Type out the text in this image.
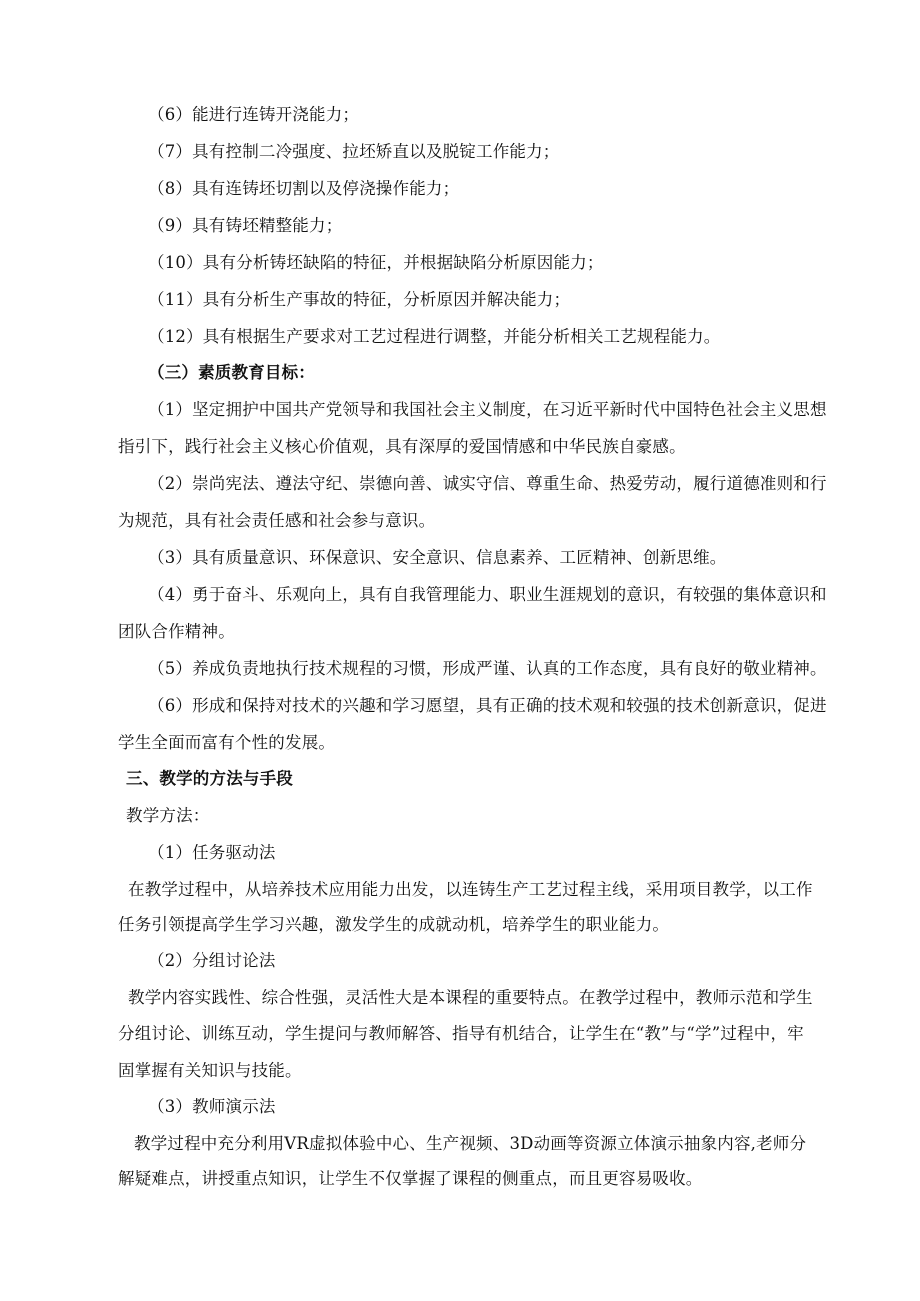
（6）能进行连铸开浇能力；

（7）具有控制二冷强度、拉坯矫直以及脱锭工作能力；

（8）具有连铸坯切割以及停浇操作能力；

（9）具有铸坯精整能力；

（10）具有分析铸坯缺陷的特征，并根据缺陷分析原因能力；

（11）具有分析生产事故的特征，分析原因并解决能力；

（12）具有根据生产要求对工艺过程进行调整，并能分析相关工艺规程能力。

（三）素质教育目标：

（1）坚定拥护中国共产党领导和我国社会主义制度，在习近平新时代中国特色社会主义思想

指引下，践行社会主义核心价值观，具有深厚的爱国情感和中华民族自豪感。

（2）崇尚宪法、遵法守纪、崇德向善、诚实守信、尊重生命、热爱劳动，履行道德准则和行

为规范，具有社会责任感和社会参与意识。

（3）具有质量意识、环保意识、安全意识、信息素养、工匠精神、创新思维。

（4）勇于奋斗、乐观向上，具有自我管理能力、职业生涯规划的意识，有较强的集体意识和

团队合作精神。

（5）养成负责地执行技术规程的习惯，形成严谨、认真的工作态度，具有良好的敬业精神。

（6）形成和保持对技术的兴趣和学习愿望，具有正确的技术观和较强的技术创新意识，促进

学生全面而富有个性的发展。

三、教学的方法与手段

教学方法：

（1）任务驱动法

在教学过程中，从培养技术应用能力出发，以连铸生产工艺过程主线，采用项目教学，以工作

任务引领提高学生学习兴趣，激发学生的成就动机，培养学生的职业能力。

（2）分组讨论法

教学内容实践性、综合性强，灵活性大是本课程的重要特点。在教学过程中，教师示范和学生

分组讨论、训练互动，学生提问与教师解答、指导有机结合，让学生在“教”与“学”过程中，牢

固掌握有关知识与技能。

（3）教师演示法

教学过程中充分利用VR虚拟体验中心、生产视频、3D动画等资源立体演示抽象内容,老师分

解疑难点，讲授重点知识，让学生不仅掌握了课程的侧重点，而且更容易吸收。
